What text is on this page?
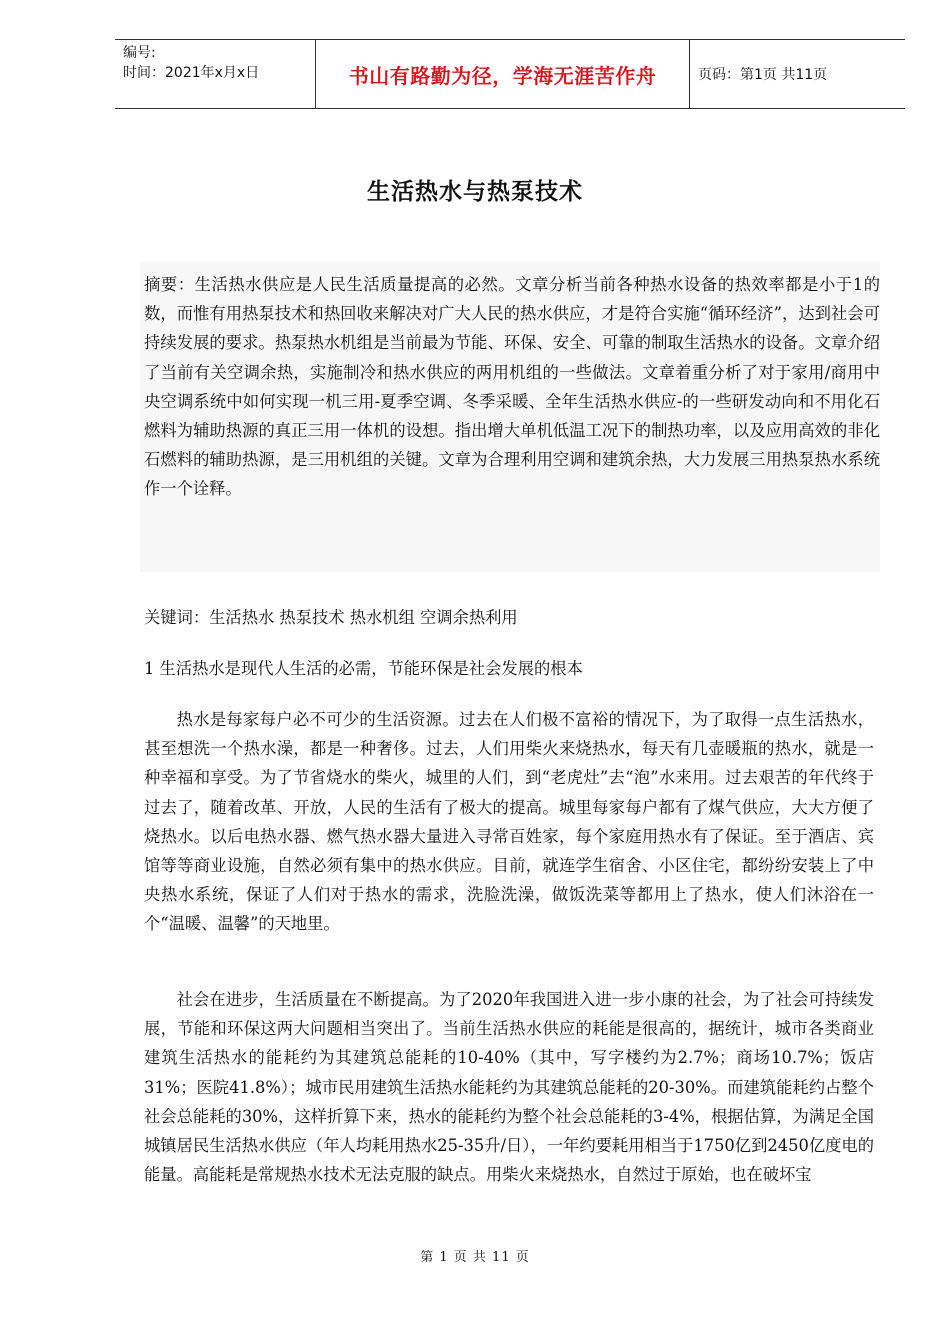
编号:
时间：2021年x月x日	书山有路勤为径，学海无涯苦作舟	页码：第1页 共11页
生活热水与热泵技术
摘要：生活热水供应是人民生活质量提高的必然。文章分析当前各种热水设备的热效率都是小于1的数，而惟有用热泵技术和热回收来解决对广大人民的热水供应，才是符合实施“循环经济”，达到社会可持续发展的要求。热泵热水机组是当前最为节能、环保、安全、可靠的制取生活热水的设备。文章介绍了当前有关空调余热，实施制冷和热水供应的两用机组的一些做法。文章着重分析了对于家用/商用中央空调系统中如何实现一机三用-夏季空调、冬季采暖、全年生活热水供应-的一些研发动向和不用化石燃料为辅助热源的真正三用一体机的设想。指出增大单机低温工况下的制热功率，以及应用高效的非化石燃料的辅助热源，是三用机组的关键。文章为合理利用空调和建筑余热，大力发展三用热泵热水系统作一个诠释。
关键词：生活热水 热泵技术 热水机组 空调余热利用
1 生活热水是现代人生活的必需，节能环保是社会发展的根本
热水是每家每户必不可少的生活资源。过去在人们极不富裕的情况下，为了取得一点生活热水，甚至想洗一个热水澡，都是一种奢侈。过去，人们用柴火来烧热水，每天有几壶暖瓶的热水，就是一种幸福和享受。为了节省烧水的柴火，城里的人们，到“老虎灶”去“泡”水来用。过去艰苦的年代终于过去了，随着改革、开放，人民的生活有了极大的提高。城里每家每户都有了煤气供应，大大方便了烧热水。以后电热水器、燃气热水器大量进入寻常百姓家，每个家庭用热水有了保证。至于酒店、宾馆等等商业设施，自然必须有集中的热水供应。目前，就连学生宿舍、小区住宅，都纷纷安装上了中央热水系统，保证了人们对于热水的需求，洗脸洗澡，做饭洗菜等都用上了热水，使人们沐浴在一个“温暖、温馨”的天地里。
社会在进步，生活质量在不断提高。为了2020年我国进入进一步小康的社会，为了社会可持续发展，节能和环保这两大问题相当突出了。当前生活热水供应的耗能是很高的，据统计，城市各类商业建筑生活热水的能耗约为其建筑总能耗的10-40%（其中，写字楼约为2.7%；商场10.7%；饭店31%；医院41.8%）；城市民用建筑生活热水能耗约为其建筑总能耗的20-30%。而建筑能耗约占整个社会总能耗的30%，这样折算下来，热水的能耗约为整个社会总能耗的3-4%，根据估算，为满足全国城镇居民生活热水供应（年人均耗用热水25-35升/日），一年约要耗用相当于1750亿到2450亿度电的能量。高能耗是常规热水技术无法克服的缺点。用柴火来烧热水，自然过于原始，也在破坏宝
第 1 页 共 11 页
